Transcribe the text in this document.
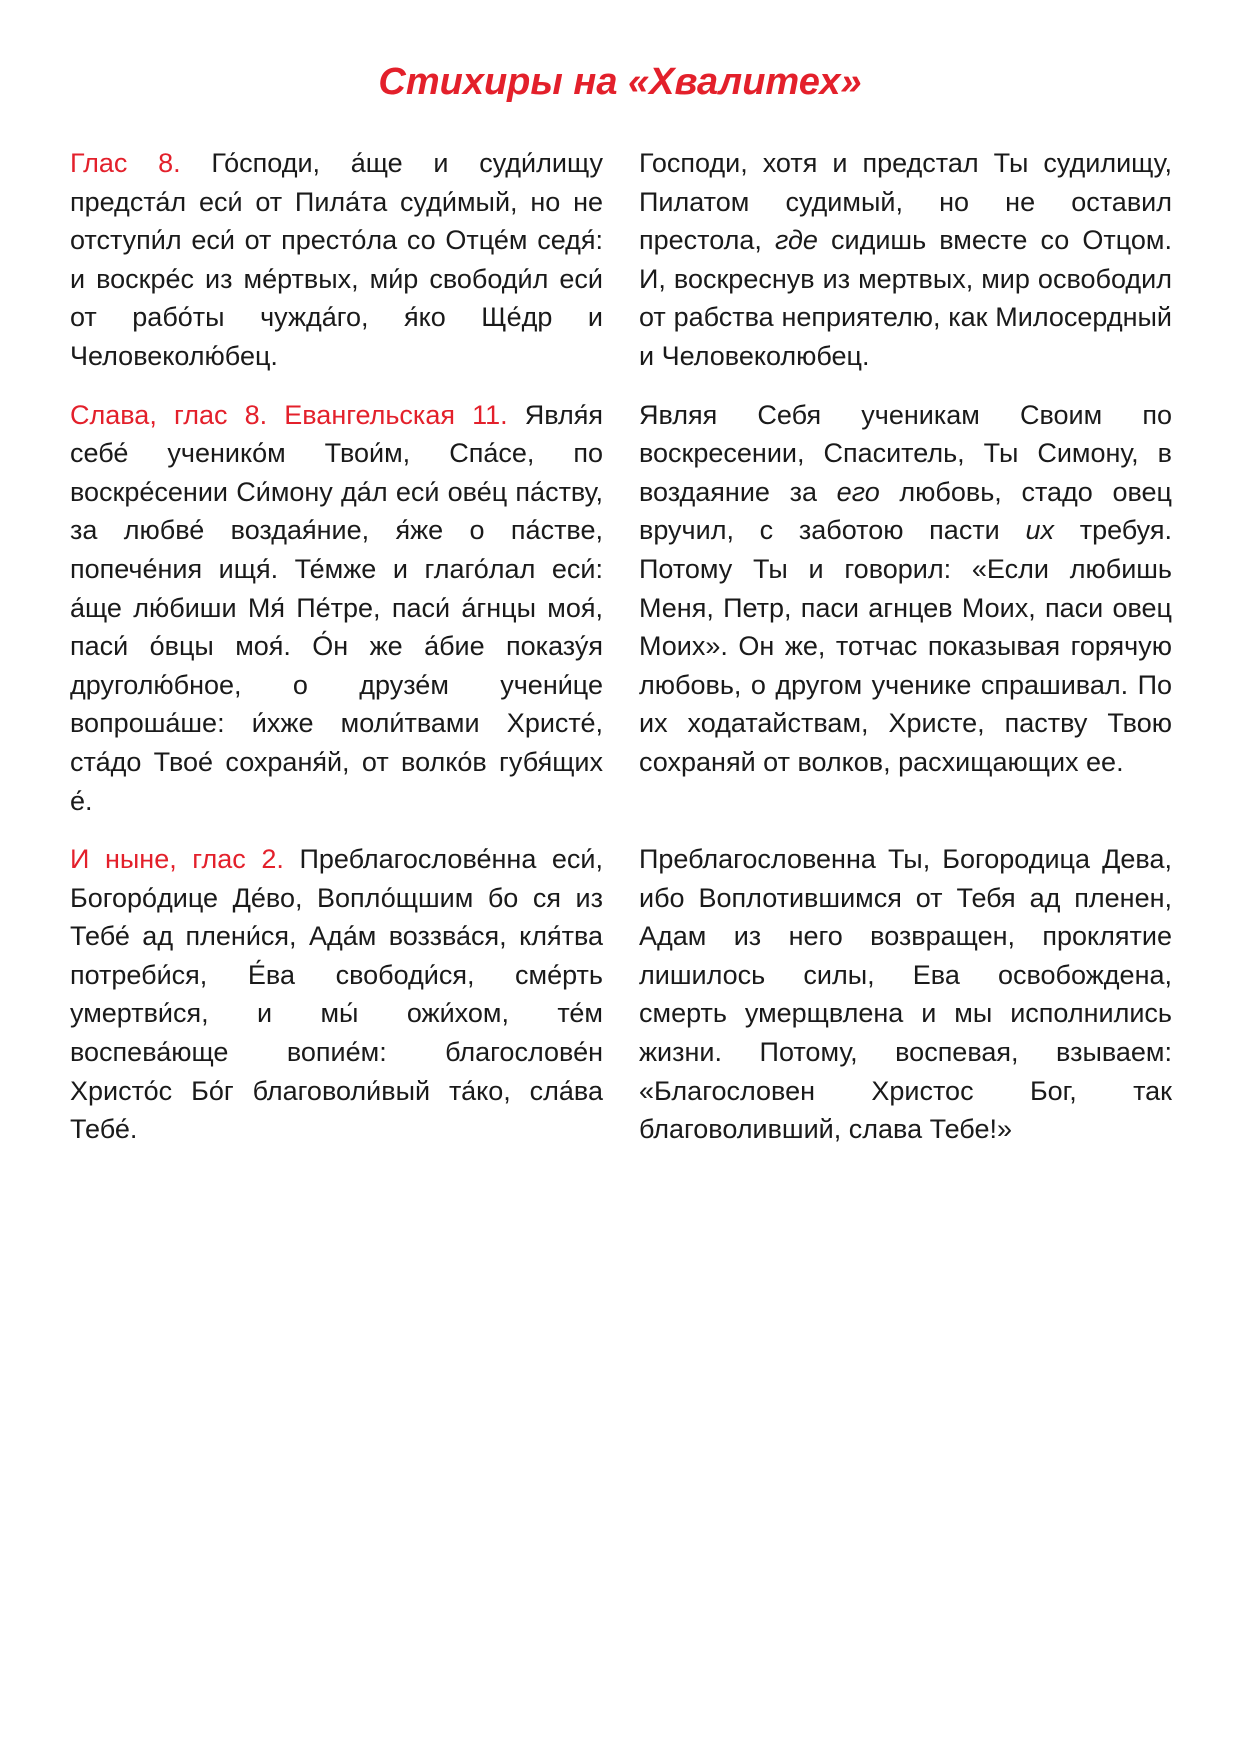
Стихиры на «Хвалитех»

Глас 8. Го́споди, а́ще и суди́лищу предста́л еси́ от Пила́та суди́мый, но не отступи́л еси́ от престо́ла со Отце́м седя́: и воскре́с из ме́ртвых, ми́р свободи́л еси́ от рабо́ты чужда́го, я́ко Ще́др и Человеколю́бец.

Господи, хотя и предстал Ты судилищу, Пилатом судимый, но не оставил престола, где сидишь вместе со Отцом. И, воскреснув из мертвых, мир освободил от рабства неприятелю, как Милосердный и Человеколюбец.

Слава, глас 8. Евангельская 11. Явля́я себе́ ученико́м Твои́м, Спа́се, по воскре́сении Си́мону да́л еси́ ове́ц па́ству, за любве́ воздая́ние, я́же о па́стве, попече́ния ищя́. Те́мже и глаго́лал еси́: а́ще лю́биши Мя́ Пе́тре, паси́ а́гнцы моя́, паси́ о́вцы моя́. О́н же а́бие показу́я друголю́бное, о друзе́м учени́це вопроша́ше: и́хже моли́твами Христе́, ста́до Твое́ сохраня́й, от волко́в губя́щих е́.

Являя Себя ученикам Своим по воскресении, Спаситель, Ты Симону, в воздаяние за его любовь, стадо овец вручил, с заботою пасти их требуя. Потому Ты и говорил: «Если любишь Меня, Петр, паси агнцев Моих, паси овец Моих». Он же, тотчас показывая горячую любовь, о другом ученике спрашивал. По их ходатайствам, Христе, паству Твою сохраняй от волков, расхищающих ее.

И ныне, глас 2. Преблагослове́нна еси́, Богоро́дице Де́во, Вопло́щшим бо ся из Тебе́ ад плени́ся, Ада́м воззва́ся, кля́тва потреби́ся, Е́ва свободи́ся, сме́рть умертви́ся, и мы́ ожи́хом, те́м воспева́юще вопие́м: благослове́н Христо́с Бо́г благоволи́вый та́ко, сла́ва Тебе́.

Преблагословенна Ты, Богородица Дева, ибо Воплотившимся от Тебя ад пленен, Адам из него возвращен, проклятие лишилось силы, Ева освобождена, смерть умерщвлена и мы исполнились жизни. Потому, воспевая, взываем: «Благословен Христос Бог, так благоволивший, слава Тебе!»
